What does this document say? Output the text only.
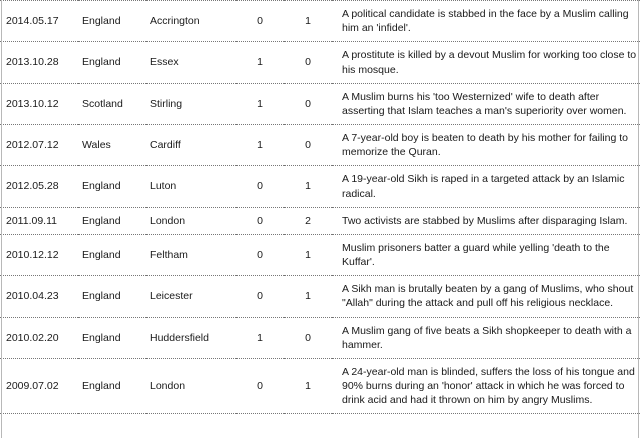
2014.05.17	England	Accrington	0	1	A political candidate is stabbed in the face by a Muslim calling him an 'infidel'.
2013.10.28	England	Essex	1	0	A prostitute is killed by a devout Muslim for working too close to his mosque.
2013.10.12	Scotland	Stirling	1	0	A Muslim burns his 'too Westernized' wife to death after asserting that Islam teaches a man's superiority over women.
2012.07.12	Wales	Cardiff	1	0	A 7-year-old boy is beaten to death by his mother for failing to memorize the Quran.
2012.05.28	England	Luton	0	1	A 19-year-old Sikh is raped in a targeted attack by an Islamic radical.
2011.09.11	England	London	0	2	Two activists are stabbed by Muslims after disparaging Islam.
2010.12.12	England	Feltham	0	1	Muslim prisoners batter a guard while yelling 'death to the Kuffar'.
2010.04.23	England	Leicester	0	1	A Sikh man is brutally beaten by a gang of Muslims, who shout "Allah" during the attack and pull off his religious necklace.
2010.02.20	England	Huddersfield	1	0	A Muslim gang of five beats a Sikh shopkeeper to death with a hammer.
2009.07.02	England	London	0	1	A 24-year-old man is blinded, suffers the loss of his tongue and 90% burns during an 'honor' attack in which he was forced to drink acid and had it thrown on him by angry Muslims.
